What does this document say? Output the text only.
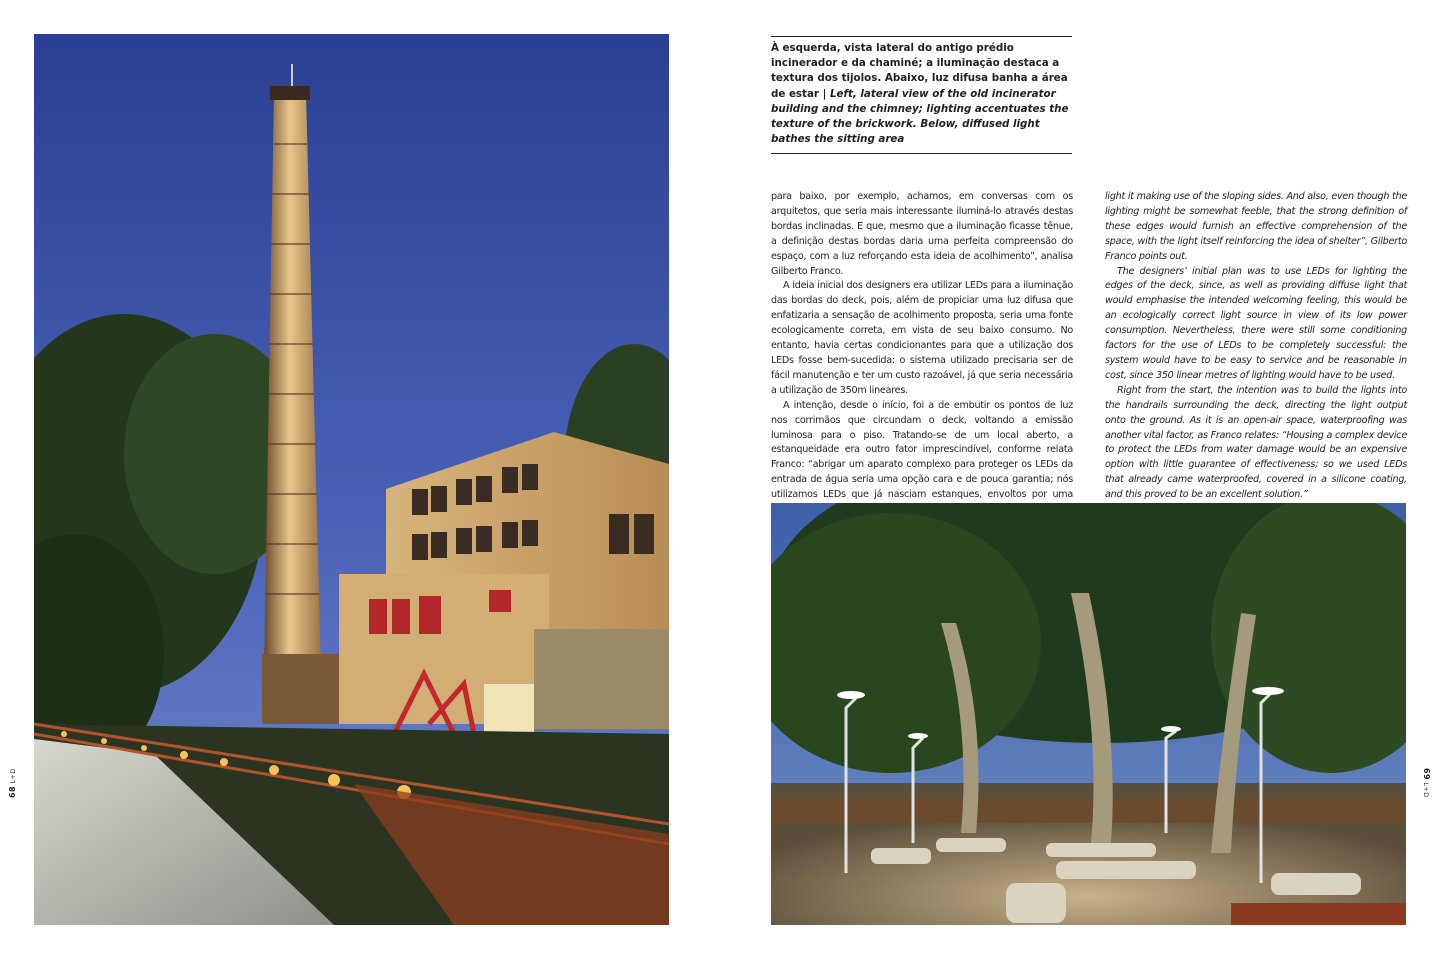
À esquerda, vista lateral do antigo prédio incinerador e da chaminé; a iluminação destaca a textura dos tijolos. Abaixo, luz difusa banha a área de estar | Left, lateral view of the old incinerator building and the chimney; lighting accentuates the texture of the brickwork. Below, diffused light bathes the sitting area

para baixo, por exemplo, achamos, em conversas com os arquitetos, que seria mais interessante iluminá-lo através destas bordas inclinadas. E que, mesmo que a iluminação ficasse tênue, a definição destas bordas daria uma perfeita compreensão do espaço, com a luz reforçando esta ideia de acolhimento”, analisa Gilberto Franco.

A ideia inicial dos designers era utilizar LEDs para a iluminação das bordas do deck, pois, além de propiciar uma luz difusa que enfatizaria a sensação de acolhimento proposta, seria uma fonte ecologicamente correta, em vista de seu baixo consumo. No entanto, havia certas condicionantes para que a utilização dos LEDs fosse bem-sucedida: o sistema utilizado precisaria ser de fácil manutenção e ter um custo razoável, já que seria necessária a utilização de 350m lineares.

A intenção, desde o início, foi a de embutir os pontos de luz nos corrimãos que circundam o deck, voltando a emissão luminosa para o piso. Tratando-se de um local aberto, a estanqueidade era outro fator imprescindível, conforme relata Franco: “abrigar um aparato complexo para proteger os LEDs da entrada de água seria uma opção cara e de pouca garantia; nós utilizamos LEDs que já nasciam estanques, envoltos por uma

light it making use of the sloping sides. And also, even though the lighting might be somewhat feeble, that the strong definition of these edges would furnish an effective comprehension of the space, with the light itself reinforcing the idea of shelter”, Gilberto Franco points out.

The designers’ initial plan was to use LEDs for lighting the edges of the deck, since, as well as providing diffuse light that would emphasise the intended welcoming feeling, this would be an ecologically correct light source in view of its low power consumption. Nevertheless, there were still some conditioning factors for the use of LEDs to be completely successful: the system would have to be easy to service and be reasonable in cost, since 350 linear metres of lighting would have to be used.

Right from the start, the intention was to build the lights into the handrails surrounding the deck, directing the light output onto the ground. As it is an open-air space, waterproofing was another vital factor, as Franco relates: “Housing a complex device to protect the LEDs from water damage would be an expensive option with little guarantee of effectiveness; so we used LEDs that already came waterproofed, covered in a silicone coating, and this proved to be an excellent solution.”

68 L+D	69 L+D
